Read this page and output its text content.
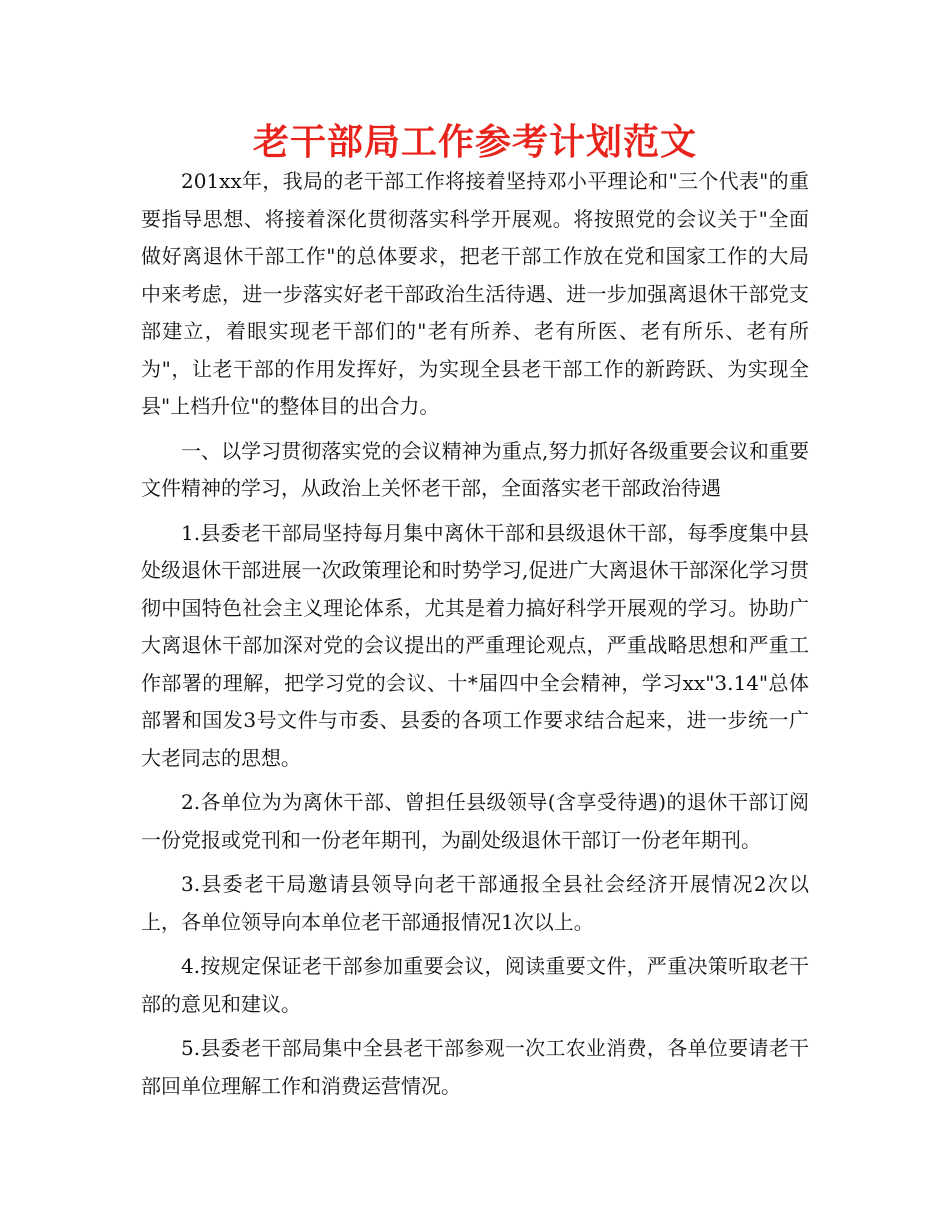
老干部局工作参考计划范文

201xx年，我局的老干部工作将接着坚持邓小平理论和"三个代表"的重要指导思想、将接着深化贯彻落实科学开展观。将按照党的会议关于"全面做好离退休干部工作"的总体要求，把老干部工作放在党和国家工作的大局中来考虑，进一步落实好老干部政治生活待遇、进一步加强离退休干部党支部建立，着眼实现老干部们的"老有所养、老有所医、老有所乐、老有所为"，让老干部的作用发挥好，为实现全县老干部工作的新跨跃、为实现全县"上档升位"的整体目的出合力。

一、以学习贯彻落实党的会议精神为重点,努力抓好各级重要会议和重要文件精神的学习，从政治上关怀老干部，全面落实老干部政治待遇

1.县委老干部局坚持每月集中离休干部和县级退休干部，每季度集中县处级退休干部进展一次政策理论和时势学习,促进广大离退休干部深化学习贯彻中国特色社会主义理论体系，尤其是着力搞好科学开展观的学习。协助广大离退休干部加深对党的会议提出的严重理论观点，严重战略思想和严重工作部署的理解，把学习党的会议、十*届四中全会精神，学习xx"3.14"总体部署和国发3号文件与市委、县委的各项工作要求结合起来，进一步统一广大老同志的思想。

2.各单位为为离休干部、曾担任县级领导(含享受待遇)的退休干部订阅一份党报或党刊和一份老年期刊，为副处级退休干部订一份老年期刊。

3.县委老干局邀请县领导向老干部通报全县社会经济开展情况2次以上，各单位领导向本单位老干部通报情况1次以上。

4.按规定保证老干部参加重要会议，阅读重要文件，严重决策听取老干部的意见和建议。

5.县委老干部局集中全县老干部参观一次工农业消费，各单位要请老干部回单位理解工作和消费运营情况。
